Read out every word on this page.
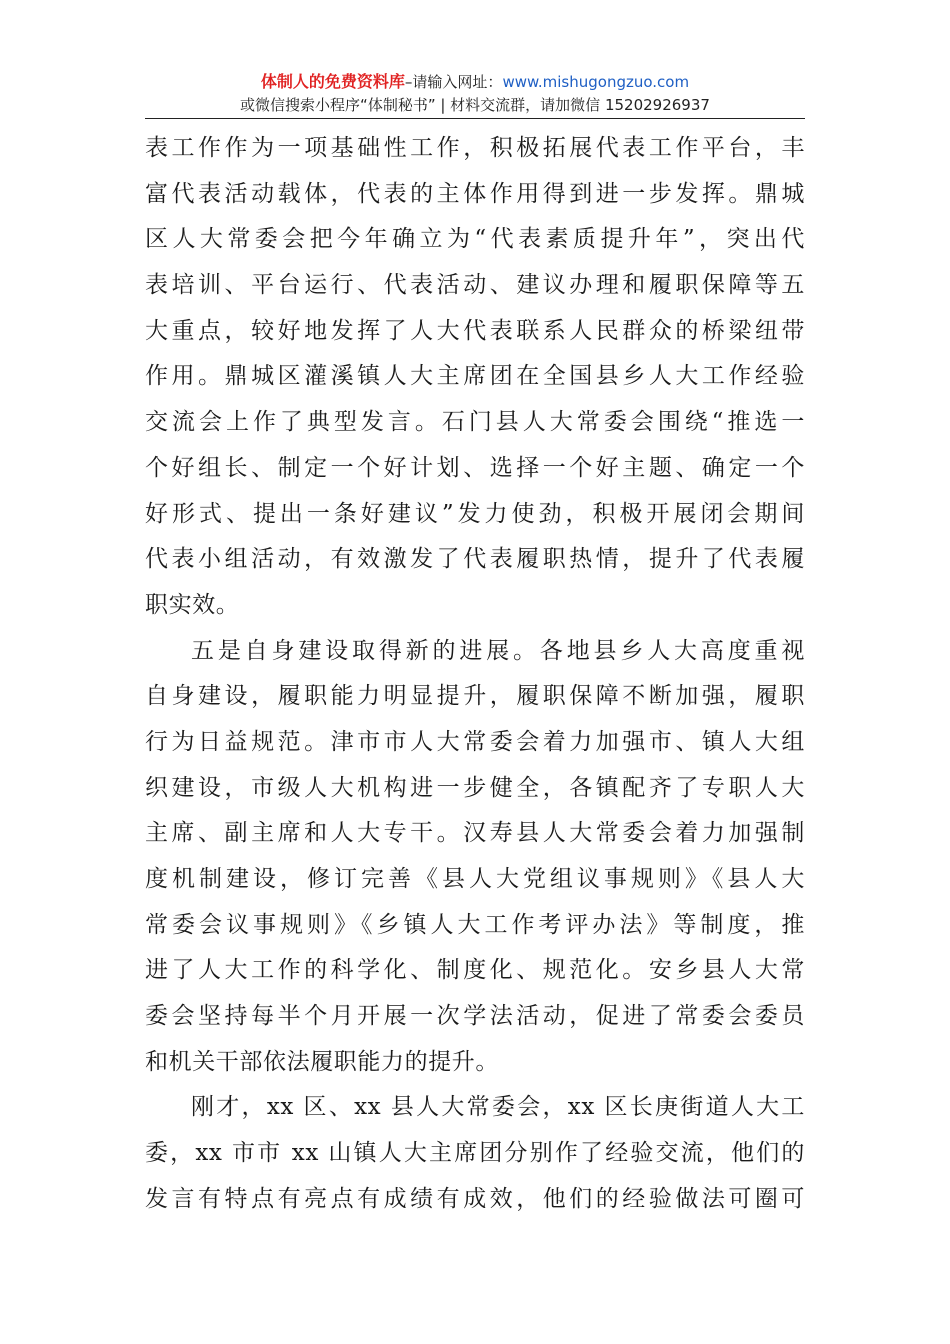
体制人的免费资料库–请输入网址：www.mishugongzuo.com
或微信搜索小程序“体制秘书” | 材料交流群，请加微信 15202926937
表工作作为一项基础性工作，积极拓展代表工作平台，丰
富代表活动载体，代表的主体作用得到进一步发挥。鼎城
区人大常委会把今年确立为“代表素质提升年”，突出代
表培训、平台运行、代表活动、建议办理和履职保障等五
大重点，较好地发挥了人大代表联系人民群众的桥梁纽带
作用。鼎城区灌溪镇人大主席团在全国县乡人大工作经验
交流会上作了典型发言。石门县人大常委会围绕“推选一
个好组长、制定一个好计划、选择一个好主题、确定一个
好形式、提出一条好建议”发力使劲，积极开展闭会期间
代表小组活动，有效激发了代表履职热情，提升了代表履
职实效。
五是自身建设取得新的进展。各地县乡人大高度重视
自身建设，履职能力明显提升，履职保障不断加强，履职
行为日益规范。津市市人大常委会着力加强市、镇人大组
织建设，市级人大机构进一步健全，各镇配齐了专职人大
主席、副主席和人大专干。汉寿县人大常委会着力加强制
度机制建设，修订完善《县人大党组议事规则》《县人大
常委会议事规则》《乡镇人大工作考评办法》等制度，推
进了人大工作的科学化、制度化、规范化。安乡县人大常
委会坚持每半个月开展一次学法活动，促进了常委会委员
和机关干部依法履职能力的提升。
刚才，xx 区、xx 县人大常委会，xx 区长庚街道人大工
委，xx 市市 xx 山镇人大主席团分别作了经验交流，他们的
发言有特点有亮点有成绩有成效，他们的经验做法可圈可
